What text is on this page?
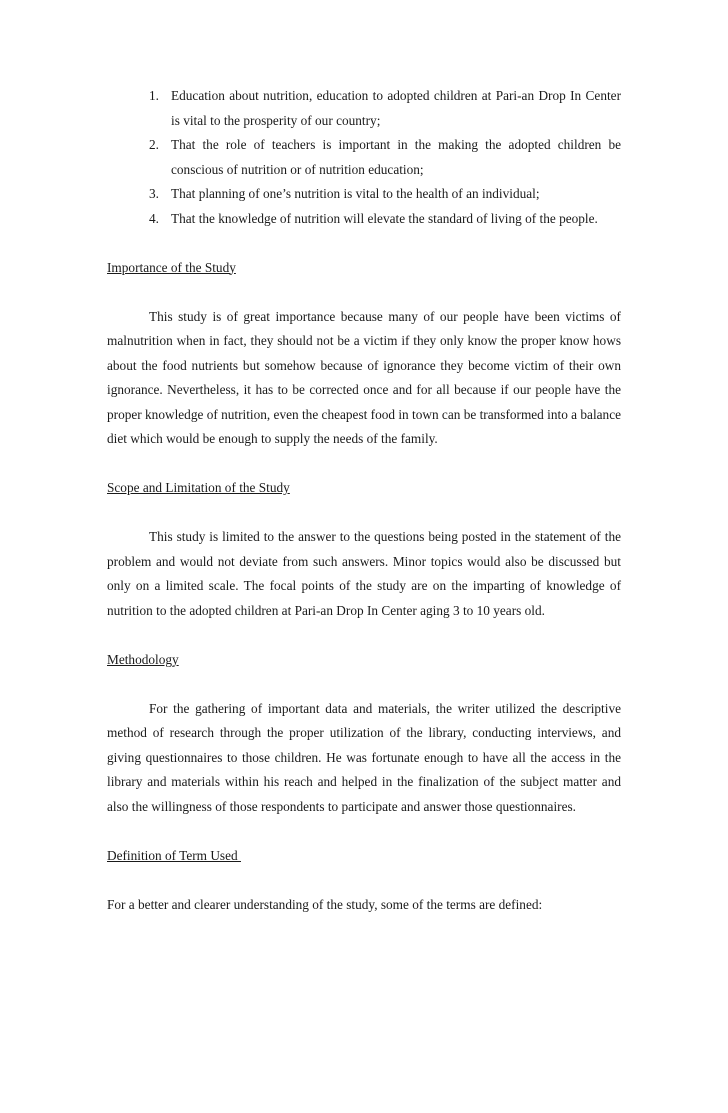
1. Education about nutrition, education to adopted children at Pari-an Drop In Center is vital to the prosperity of our country;
2. That the role of teachers is important in the making the adopted children be conscious of nutrition or of nutrition education;
3. That planning of one’s nutrition is vital to the health of an individual;
4. That the knowledge of nutrition will elevate the standard of living of the people.
Importance of the Study

This study is of great importance because many of our people have been victims of malnutrition when in fact, they should not be a victim if they only know the proper know hows about the food nutrients but somehow because of ignorance they become victim of their own ignorance. Nevertheless, it has to be corrected once and for all because if our people have the proper knowledge of nutrition, even the cheapest food in town can be transformed into a balance diet which would be enough to supply the needs of the family.

Scope and Limitation of the Study

This study is limited to the answer to the questions being posted in the statement of the problem and would not deviate from such answers. Minor topics would also be discussed but only on a limited scale. The focal points of the study are on the imparting of knowledge of nutrition to the adopted children at Pari-an Drop In Center aging 3 to 10 years old.

Methodology

For the gathering of important data and materials, the writer utilized the descriptive method of research through the proper utilization of the library, conducting interviews, and giving questionnaires to those children. He was fortunate enough to have all the access in the library and materials within his reach and helped in the finalization of the subject matter and also the willingness of those respondents to participate and answer those questionnaires.

Definition of Term Used

For a better and clearer understanding of the study, some of the terms are defined:
